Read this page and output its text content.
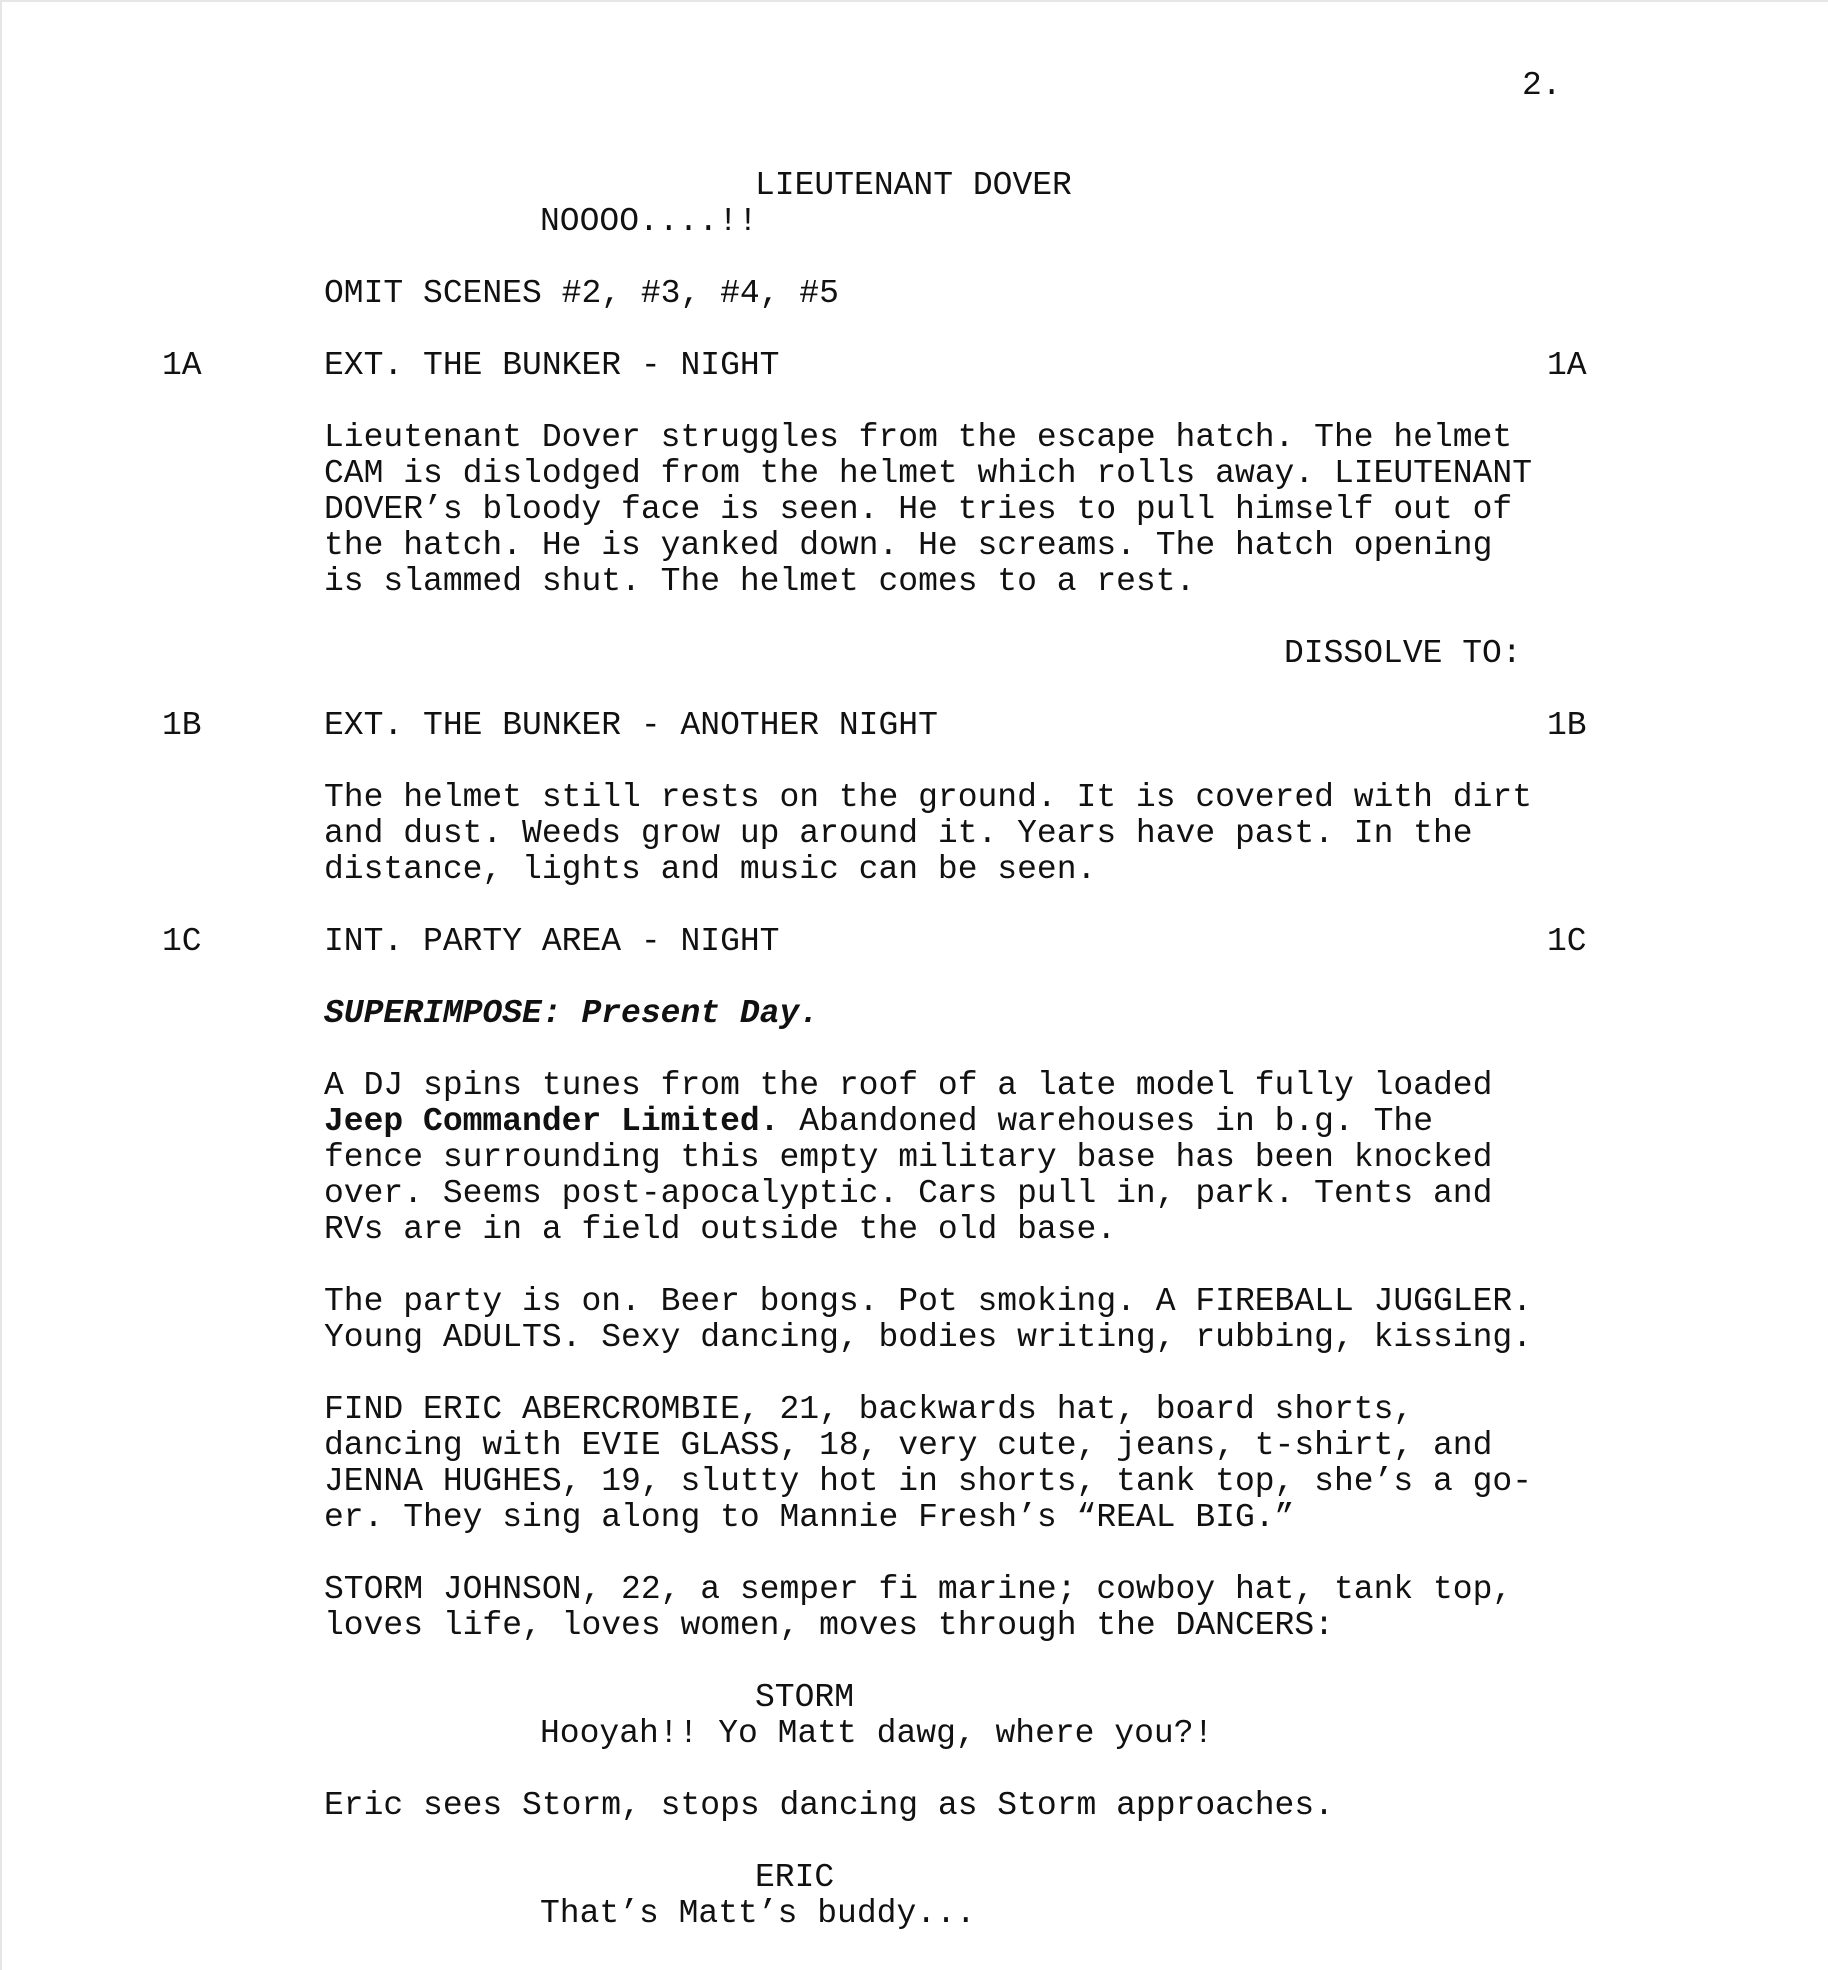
2.
LIEUTENANT DOVER
NOOOO....!!
OMIT SCENES #2, #3, #4, #5
1A	EXT. THE BUNKER - NIGHT	1A
Lieutenant Dover struggles from the escape hatch. The helmet
CAM is dislodged from the helmet which rolls away. LIEUTENANT
DOVER’s bloody face is seen. He tries to pull himself out of
the hatch. He is yanked down. He screams. The hatch opening
is slammed shut. The helmet comes to a rest.
DISSOLVE TO:
1B	EXT. THE BUNKER - ANOTHER NIGHT	1B
The helmet still rests on the ground. It is covered with dirt
and dust. Weeds grow up around it. Years have past. In the
distance, lights and music can be seen.
1C	INT. PARTY AREA - NIGHT	1C
SUPERIMPOSE: Present Day.
A DJ spins tunes from the roof of a late model fully loaded
Jeep Commander Limited. Abandoned warehouses in b.g. The
fence surrounding this empty military base has been knocked
over. Seems post-apocalyptic. Cars pull in, park. Tents and
RVs are in a field outside the old base.
The party is on. Beer bongs. Pot smoking. A FIREBALL JUGGLER.
Young ADULTS. Sexy dancing, bodies writing, rubbing, kissing.
FIND ERIC ABERCROMBIE, 21, backwards hat, board shorts,
dancing with EVIE GLASS, 18, very cute, jeans, t-shirt, and
JENNA HUGHES, 19, slutty hot in shorts, tank top, she’s a go-
er. They sing along to Mannie Fresh’s “REAL BIG.”
STORM JOHNSON, 22, a semper fi marine; cowboy hat, tank top,
loves life, loves women, moves through the DANCERS:
STORM
Hooyah!! Yo Matt dawg, where you?!
Eric sees Storm, stops dancing as Storm approaches.
ERIC
That’s Matt’s buddy...
